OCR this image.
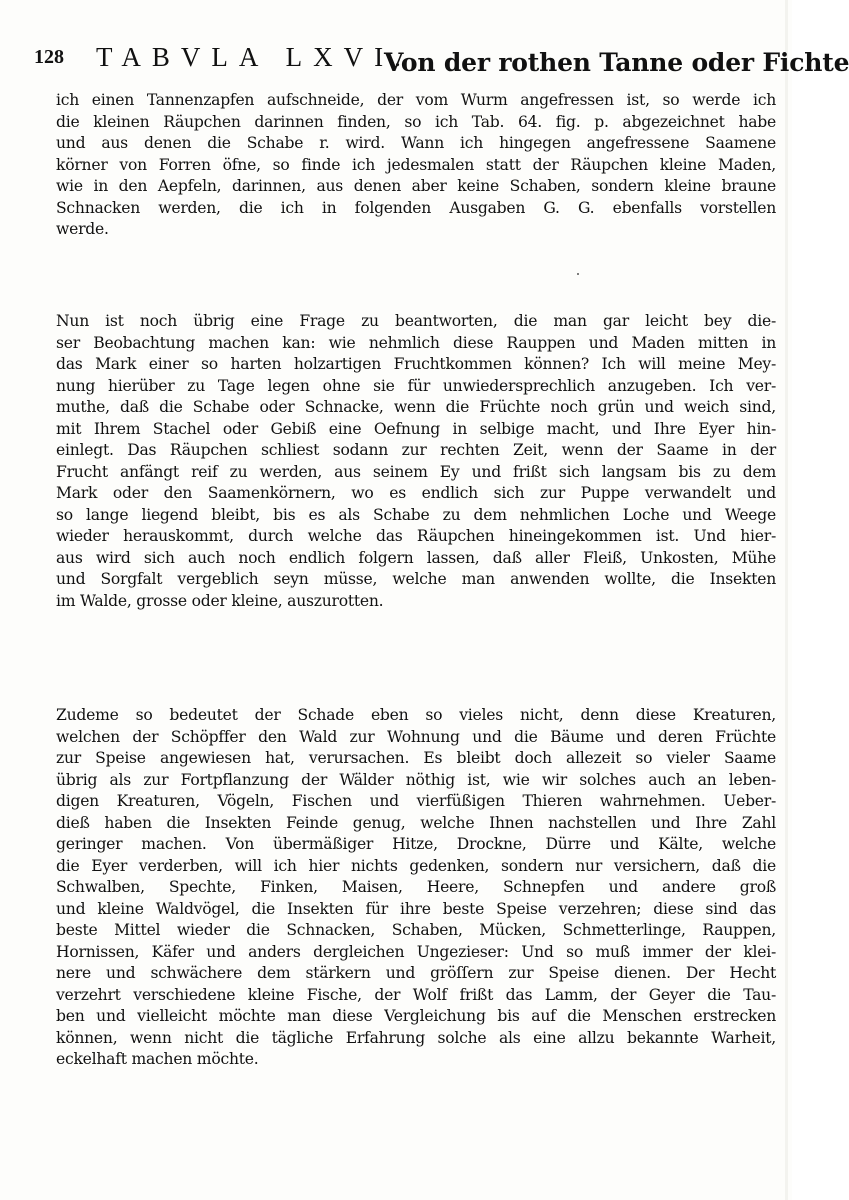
128 TABVLA LXVI.
Von der rothen Tanne oder Fichte
ich einen Tannenzapfen aufschneide, der vom Wurm angefressen ist, so werde ich
die kleinen Räupchen darinnen finden, so ich Tab. 64. fig. p. abgezeichnet habe
und aus denen die Schabe r. wird. Wann ich hingegen angefressene Saamene
körner von Forren öfne, so finde ich jedesmalen statt der Räupchen kleine Maden,
wie in den Aepfeln, darinnen, aus denen aber keine Schaben, sondern kleine braune
Schnacken werden, die ich in folgenden Ausgaben G. G. ebenfalls vorstellen
werde.
Nun ist noch übrig eine Frage zu beantworten, die man gar leicht bey die-
ser Beobachtung machen kan: wie nehmlich diese Rauppen und Maden mitten in
das Mark einer so harten holzartigen Fruchtkommen können? Ich will meine Mey-
nung hierüber zu Tage legen ohne sie für unwiedersprechlich anzugeben. Ich ver-
muthe, daß die Schabe oder Schnacke, wenn die Früchte noch grün und weich sind,
mit Ihrem Stachel oder Gebiß eine Oefnung in selbige macht, und Ihre Eyer hin-
einlegt. Das Räupchen schliest sodann zur rechten Zeit, wenn der Saame in der
Frucht anfängt reif zu werden, aus seinem Ey und frißt sich langsam bis zu dem
Mark oder den Saamenkörnern, wo es endlich sich zur Puppe verwandelt und
so lange liegend bleibt, bis es als Schabe zu dem nehmlichen Loche und Weege
wieder herauskommt, durch welche das Räupchen hineingekommen ist. Und hier-
aus wird sich auch noch endlich folgern lassen, daß aller Fleiß, Unkosten, Mühe
und Sorgfalt vergeblich seyn müsse, welche man anwenden wollte, die Insekten
im Walde, grosse oder kleine, auszurotten.
Zudeme so bedeutet der Schade eben so vieles nicht, denn diese Kreaturen,
welchen der Schöpffer den Wald zur Wohnung und die Bäume und deren Früchte
zur Speise angewiesen hat, verursachen. Es bleibt doch allezeit so vieler Saame
übrig als zur Fortpflanzung der Wälder nöthig ist, wie wir solches auch an leben-
digen Kreaturen, Vögeln, Fischen und vierfüßigen Thieren wahrnehmen. Ueber-
dieß haben die Insekten Feinde genug, welche Ihnen nachstellen und Ihre Zahl
geringer machen. Von übermäßiger Hitze, Drockne, Dürre und Kälte, welche
die Eyer verderben, will ich hier nichts gedenken, sondern nur versichern, daß die
Schwalben, Spechte, Finken, Maisen, Heere, Schnepfen und andere groß
und kleine Waldvögel, die Insekten für ihre beste Speise verzehren; diese sind das
beste Mittel wieder die Schnacken, Schaben, Mücken, Schmetterlinge, Rauppen,
Hornissen, Käfer und anders dergleichen Ungezieser: Und so muß immer der klei-
nere und schwächere dem stärkern und gröſſern zur Speise dienen. Der Hecht
verzehrt verschiedene kleine Fische, der Wolf frißt das Lamm, der Geyer die Tau-
ben und vielleicht möchte man diese Vergleichung bis auf die Menschen erstrecken
können, wenn nicht die tägliche Erfahrung solche als eine allzu bekannte Warheit,
eckelhaft machen möchte.
